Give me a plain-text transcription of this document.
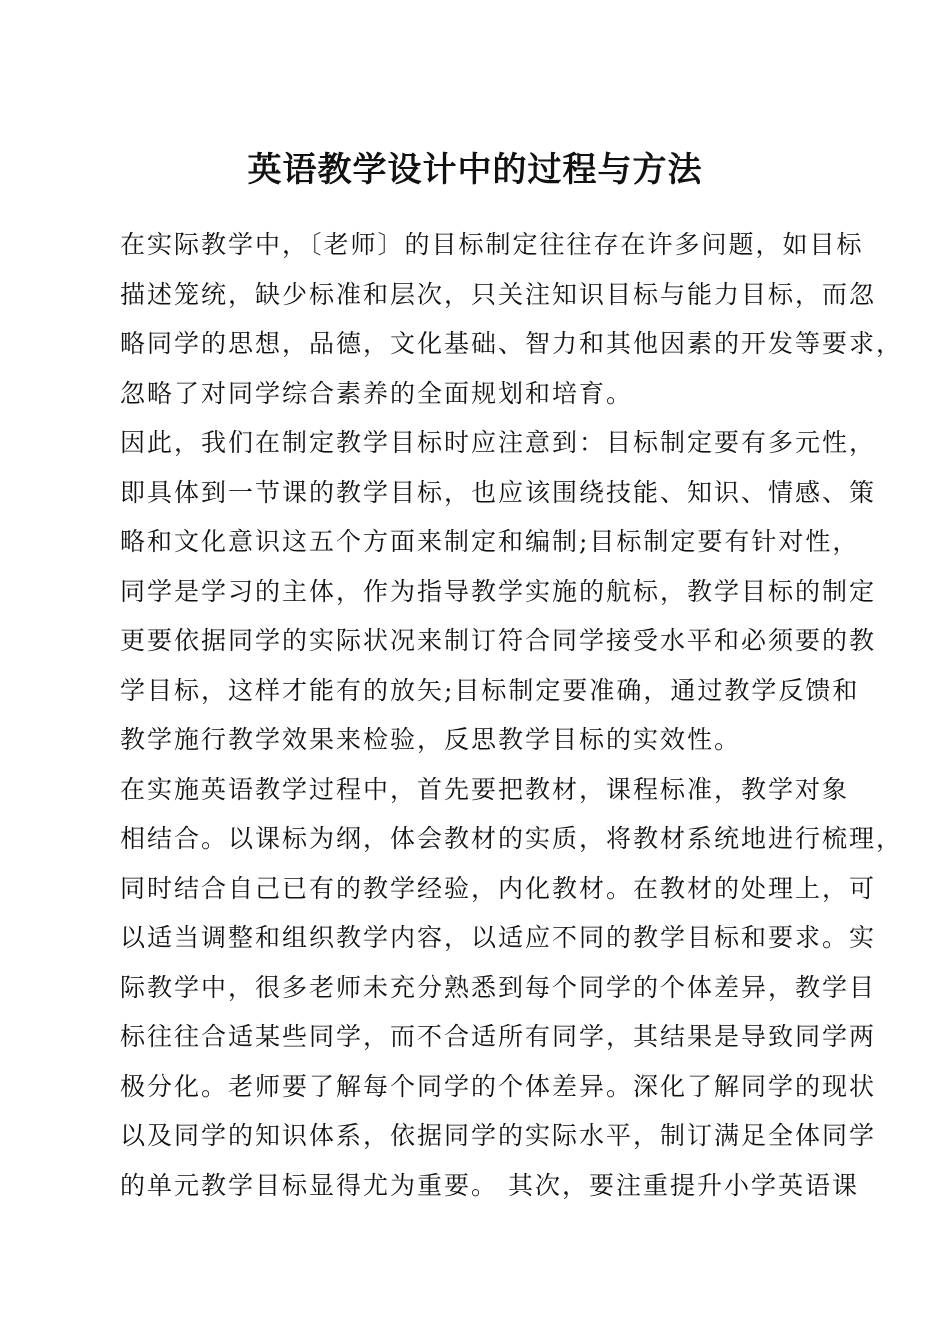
英语教学设计中的过程与方法
在实际教学中，〔老师〕的目标制定往往存在许多问题，如目标
描述笼统，缺少标准和层次，只关注知识目标与能力目标，而忽
略同学的思想，品德，文化基础、智力和其他因素的开发等要求，
忽略了对同学综合素养的全面规划和培育。
因此，我们在制定教学目标时应注意到：目标制定要有多元性，
即具体到一节课的教学目标，也应该围绕技能、知识、情感、策
略和文化意识这五个方面来制定和编制;目标制定要有针对性，
同学是学习的主体，作为指导教学实施的航标，教学目标的制定
更要依据同学的实际状况来制订符合同学接受水平和必须要的教
学目标，这样才能有的放矢;目标制定要准确，通过教学反馈和
教学施行教学效果来检验，反思教学目标的实效性。
在实施英语教学过程中，首先要把教材，课程标准，教学对象
相结合。以课标为纲，体会教材的实质，将教材系统地进行梳理，
同时结合自己已有的教学经验，内化教材。在教材的处理上，可
以适当调整和组织教学内容，以适应不同的教学目标和要求。实
际教学中，很多老师未充分熟悉到每个同学的个体差异，教学目
标往往合适某些同学，而不合适所有同学，其结果是导致同学两
极分化。老师要了解每个同学的个体差异。深化了解同学的现状
以及同学的知识体系，依据同学的实际水平，制订满足全体同学
的单元教学目标显得尤为重要。 其次，要注重提升小学英语课
